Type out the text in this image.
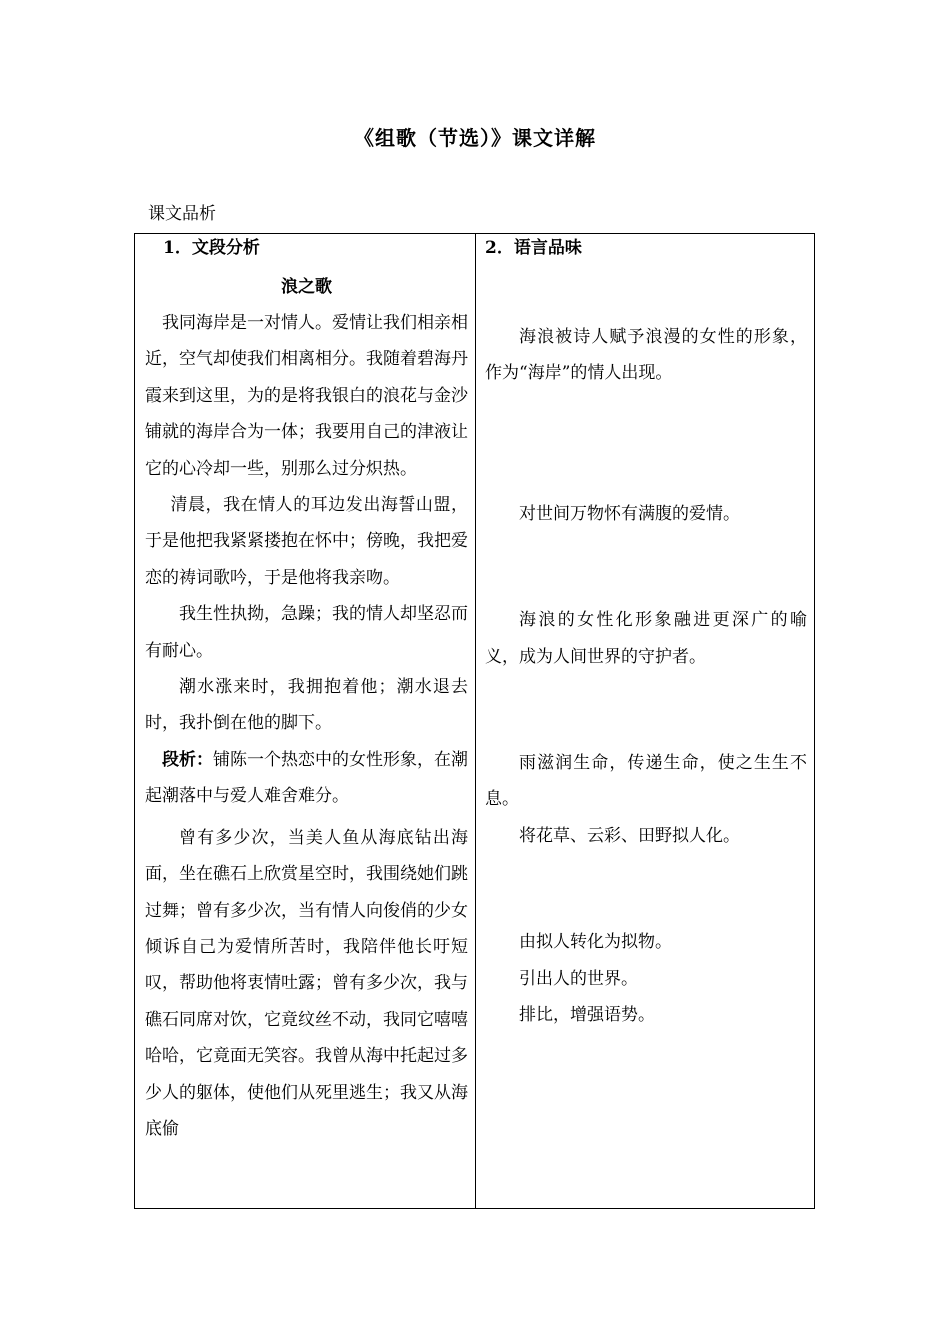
《组歌（节选）》课文详解
课文品析
1．文段分析
浪之歌

我同海岸是一对情人。爱情让我们相亲相近，空气却使我们相离相分。我随着碧海丹霞来到这里，为的是将我银白的浪花与金沙铺就的海岸合为一体；我要用自己的津液让它的心冷却一些，别那么过分炽热。

清晨，我在情人的耳边发出海誓山盟，于是他把我紧紧搂抱在怀中；傍晚，我把爱恋的祷词歌吟，于是他将我亲吻。

我生性执拗，急躁；我的情人却坚忍而有耐心。

潮水涨来时，我拥抱着他；潮水退去时，我扑倒在他的脚下。

段析：铺陈一个热恋中的女性形象，在潮起潮落中与爱人难舍难分。

曾有多少次，当美人鱼从海底钻出海面，坐在礁石上欣赏星空时，我围绕她们跳过舞；曾有多少次，当有情人向俊俏的少女倾诉自己为爱情所苦时，我陪伴他长吁短叹，帮助他将衷情吐露；曾有多少次，我与礁石同席对饮，它竟纹丝不动，我同它嘻嘻哈哈，它竟面无笑容。我曾从海中托起过多少人的躯体，使他们从死里逃生；我又从海底偷

2．语言品味

海浪被诗人赋予浪漫的女性的形象，作为“海岸”的情人出现。

对世间万物怀有满腹的爱情。

海浪的女性化形象融进更深广的喻义，成为人间世界的守护者。

雨滋润生命，传递生命，使之生生不息。

将花草、云彩、田野拟人化。

由拟人转化为拟物。

引出人的世界。

排比，增强语势。
